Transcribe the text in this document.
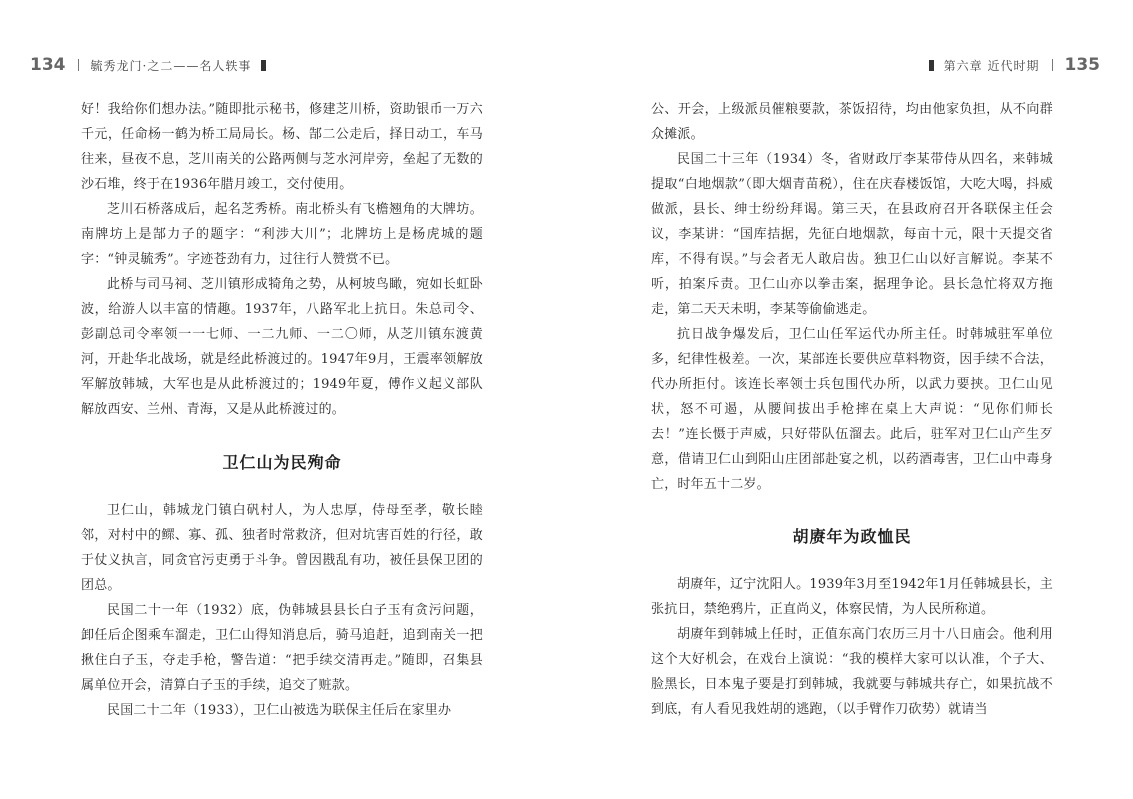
134 毓秀龙门·之二——名人轶事

好！我给你们想办法。”随即批示秘书，修建芝川桥，资助银币一万六千元，任命杨一鹤为桥工局局长。杨、郜二公走后，择日动工，车马往来，昼夜不息，芝川南关的公路两侧与芝水河岸旁，垒起了无数的沙石堆，终于在1936年腊月竣工，交付使用。

芝川石桥落成后，起名芝秀桥。南北桥头有飞檐翘角的大牌坊。南牌坊上是郜力子的题字：“利涉大川”；北牌坊上是杨虎城的题字：“钟灵毓秀”。字迹苍劲有力，过往行人赞赏不已。

此桥与司马祠、芝川镇形成犄角之势，从柯坡鸟瞰，宛如长虹卧波，给游人以丰富的情趣。1937年，八路军北上抗日。朱总司令、彭副总司令率领一一七师、一二九师、一二〇师，从芝川镇东渡黄河，开赴华北战场，就是经此桥渡过的。1947年9月，王震率领解放军解放韩城，大军也是从此桥渡过的；1949年夏，傅作义起义部队解放西安、兰州、青海，又是从此桥渡过的。

卫仁山为民殉命

卫仁山，韩城龙门镇白矾村人，为人忠厚，侍母至孝，敬长睦邻，对村中的鳏、寡、孤、独者时常救济，但对坑害百姓的行径，敢于仗义执言，同贪官污吏勇于斗争。曾因戡乱有功，被任县保卫团的团总。

民国二十一年（1932）底，伪韩城县县长白子玉有贪污问题，卸任后企图乘车溜走，卫仁山得知消息后，骑马追赶，追到南关一把揪住白子玉，夺走手枪，警告道：“把手续交清再走。”随即，召集县属单位开会，清算白子玉的手续，追交了赃款。

民国二十二年（1933），卫仁山被选为联保主任后在家里办

第六章 近代时期 135

公、开会，上级派员催粮要款，茶饭招待，均由他家负担，从不向群众摊派。

民国二十三年（1934）冬，省财政厅李某带侍从四名，来韩城提取“白地烟款”（即大烟青苗税），住在庆春楼饭馆，大吃大喝，抖威做派，县长、绅士纷纷拜谒。第三天，在县政府召开各联保主任会议，李某讲：“国库拮据，先征白地烟款，每亩十元，限十天提交省库，不得有误。”与会者无人敢启齿。独卫仁山以好言解说。李某不听，拍案斥责。卫仁山亦以拳击案，据理争论。县长急忙将双方拖走，第二天天未明，李某等偷偷逃走。

抗日战争爆发后，卫仁山任军运代办所主任。时韩城驻军单位多，纪律性极差。一次，某部连长要供应草料物资，因手续不合法，代办所拒付。该连长率领士兵包围代办所，以武力要挟。卫仁山见状，怒不可遏，从腰间拔出手枪摔在桌上大声说：“见你们师长去！”连长慑于声威，只好带队伍溜去。此后，驻军对卫仁山产生歹意，借请卫仁山到阳山庄团部赴宴之机，以药酒毒害，卫仁山中毒身亡，时年五十二岁。

胡赓年为政恤民

胡赓年，辽宁沈阳人。1939年3月至1942年1月任韩城县长，主张抗日，禁绝鸦片，正直尚义，体察民情，为人民所称道。

胡赓年到韩城上任时，正值东高门农历三月十八日庙会。他利用这个大好机会，在戏台上演说：“我的模样大家可以认准，个子大、脸黑长，日本鬼子要是打到韩城，我就要与韩城共存亡，如果抗战不到底，有人看见我姓胡的逃跑，（以手臂作刀砍势）就请当
